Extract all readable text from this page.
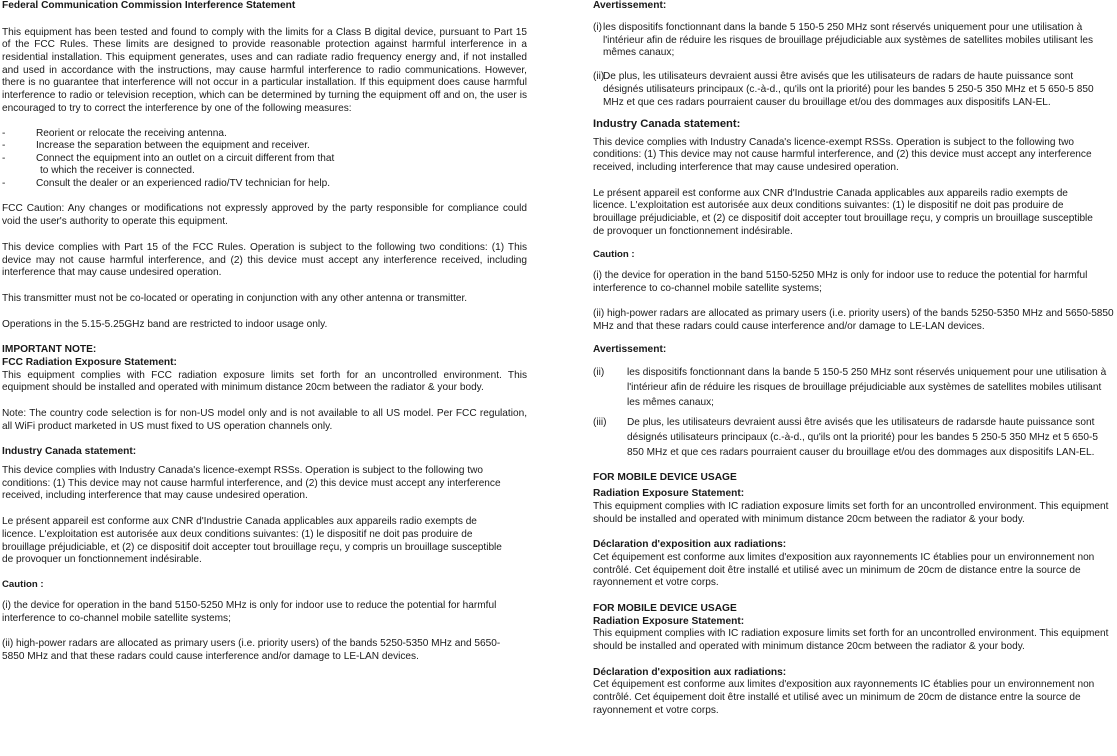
Federal Communication Commission Interference Statement

This equipment has been tested and found to comply with the limits for a Class B digital device, pursuant to Part 15 of the FCC Rules. These limits are designed to provide reasonable protection against harmful interference in a residential installation. This equipment generates, uses and can radiate radio frequency energy and, if not installed and used in accordance with the instructions, may cause harmful interference to radio communications. However, there is no guarantee that interference will not occur in a particular installation. If this equipment does cause harmful interference to radio or television reception, which can be determined by turning the equipment off and on, the user is encouraged to try to correct the interference by one of the following measures:

-	Reorient or relocate the receiving antenna.
-	Increase the separation between the equipment and receiver.
-	Connect the equipment into an outlet on a circuit different from that
to which the receiver is connected.
-	Consult the dealer or an experienced radio/TV technician for help.

FCC Caution: Any changes or modifications not expressly approved by the party responsible for compliance could void the user's authority to operate this equipment.

This device complies with Part 15 of the FCC Rules. Operation is subject to the following two conditions: (1) This device may not cause harmful interference, and (2) this device must accept any interference received, including interference that may cause undesired operation.

This transmitter must not be co-located or operating in conjunction with any other antenna or transmitter.

Operations in the 5.15-5.25GHz band are restricted to indoor usage only.

IMPORTANT NOTE:

FCC Radiation Exposure Statement:

This equipment complies with FCC radiation exposure limits set forth for an uncontrolled environment. This equipment should be installed and operated with minimum distance 20cm between the radiator & your body.

Note: The country code selection is for non-US model only and is not available to all US model. Per FCC regulation, all WiFi product marketed in US must fixed to US operation channels only.

Industry Canada statement:

This device complies with Industry Canada's licence-exempt RSSs. Operation is subject to the following two conditions: (1) This device may not cause harmful interference, and (2) this device must accept any interference received, including interference that may cause undesired operation.

Le présent appareil est conforme aux CNR d'Industrie Canada applicables aux appareils radio exempts de licence. L'exploitation est autorisée aux deux conditions suivantes: (1) le dispositif ne doit pas produire de brouillage préjudiciable, et (2) ce dispositif doit accepter tout brouillage reçu, y compris un brouillage susceptible de provoquer un fonctionnement indésirable.

Caution :

(i) the device for operation in the band 5150-5250 MHz is only for indoor use to reduce the potential for harmful interference to co-channel mobile satellite systems;

(ii) high-power radars are allocated as primary users (i.e. priority users) of the bands 5250-5350 MHz and 5650-5850 MHz and that these radars could cause interference and/or damage to LE-LAN devices.

Avertissement:

(i) les dispositifs fonctionnant dans la bande 5 150-5 250 MHz sont réservés uniquement pour une utilisation à l'intérieur afin de réduire les risques de brouillage préjudiciable aux systèmes de satellites mobiles utilisant les mêmes canaux;
(ii)
De plus, les utilisateurs devraient aussi être avisés que les utilisateurs de radars de haute puissance sont désignés utilisateurs principaux (c.-à-d., qu'ils ont la priorité) pour les bandes 5 250-5 350 MHz et 5 650-5 850 MHz et que ces radars pourraient causer du brouillage et/ou des dommages aux dispositifs LAN-EL.

Industry Canada statement:

This device complies with Industry Canada's licence-exempt RSSs. Operation is subject to the following two conditions: (1) This device may not cause harmful interference, and (2) this device must accept any interference received, including interference that may cause undesired operation.

Le présent appareil est conforme aux CNR d'Industrie Canada applicables aux appareils radio exempts de licence. L'exploitation est autorisée aux deux conditions suivantes: (1) le dispositif ne doit pas produire de brouillage préjudiciable, et (2) ce dispositif doit accepter tout brouillage reçu, y compris un brouillage susceptible de provoquer un fonctionnement indésirable.

Caution :

(i) the device for operation in the band 5150-5250 MHz is only for indoor use to reduce the potential for harmful interference to co-channel mobile satellite systems;

(ii) high-power radars are allocated as primary users (i.e. priority users) of the bands 5250-5350 MHz and 5650-5850 MHz and that these radars could cause interference and/or damage to LE-LAN devices.

Avertissement:

(ii) les dispositifs fonctionnant dans la bande 5 150-5 250 MHz sont réservés uniquement pour une utilisation à l'intérieur afin de réduire les risques de brouillage préjudiciable aux systèmes de satellites mobiles utilisant les mêmes canaux;
(iii) De plus, les utilisateurs devraient aussi être avisés que les utilisateurs de radarsde haute puissance sont désignés utilisateurs principaux (c.-à-d., qu'ils ont la priorité) pour les bandes 5 250-5 350 MHz et 5 650-5 850 MHz et que ces radars pourraient causer du brouillage et/ou des dommages aux dispositifs LAN-EL.

FOR MOBILE DEVICE USAGE

Radiation Exposure Statement:

This equipment complies with IC radiation exposure limits set forth for an uncontrolled environment. This equipment should be installed and operated with minimum distance 20cm between the radiator & your body.

Déclaration d'exposition aux radiations:

Cet équipement est conforme aux limites d'exposition aux rayonnements IC établies pour un environnement non contrôlé. Cet équipement doit être installé et utilisé avec un minimum de 20cm de distance entre la source de rayonnement et votre corps.

FOR MOBILE DEVICE USAGE

Radiation Exposure Statement:

This equipment complies with IC radiation exposure limits set forth for an uncontrolled environment. This equipment should be installed and operated with minimum distance 20cm between the radiator & your body.

Déclaration d'exposition aux radiations:

Cet équipement est conforme aux limites d'exposition aux rayonnements IC établies pour un environnement non contrôlé. Cet équipement doit être installé et utilisé avec un minimum de 20cm de distance entre la source de rayonnement et votre corps.
